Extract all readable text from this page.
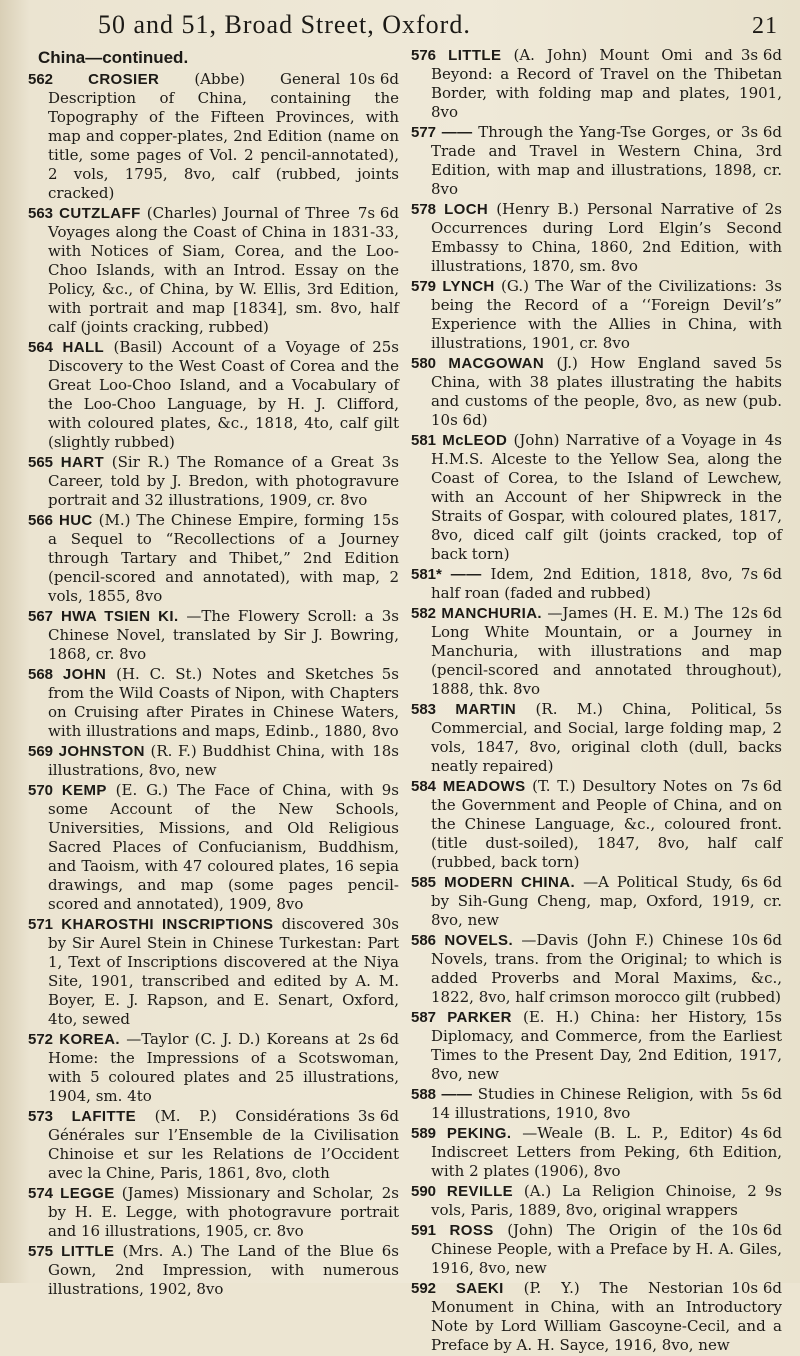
50 and 51, Broad Street, Oxford.	21
China—continued.
10s 6d
562 CROSIER (Abbe) General Description of China, containing the Topography of the Fifteen Provinces, with map and copper-plates, 2nd Edition (name on title, some pages of Vol. 2 pencil-annotated), 2 vols, 1795, 8vo, calf (rubbed, joints cracked)
7s 6d
563 CUTZLAFF (Charles) Journal of Three Voyages along the Coast of China in 1831-33, with Notices of Siam, Corea, and the Loo-Choo Islands, with an Introd. Essay on the Policy, &c., of China, by W. Ellis, 3rd Edition, with portrait and map [1834], sm. 8vo, half calf (joints cracking, rubbed)
25s
564 HALL (Basil) Account of a Voyage of Discovery to the West Coast of Corea and the Great Loo-Choo Island, and a Vocabulary of the Loo-Choo Language, by H. J. Clifford, with coloured plates, &c., 1818, 4to, calf gilt (slightly rubbed)
3s
565 HART (Sir R.) The Romance of a Great Career, told by J. Bredon, with photogravure portrait and 32 illustrations, 1909, cr. 8vo
15s
566 HUC (M.) The Chinese Empire, forming a Sequel to “Recollections of a Journey through Tartary and Thibet,” 2nd Edition (pencil-scored and annotated), with map, 2 vols, 1855, 8vo
3s
567 HWA TSIEN KI. —The Flowery Scroll: a Chinese Novel, translated by Sir J. Bowring, 1868, cr. 8vo
5s
568 JOHN (H. C. St.) Notes and Sketches from the Wild Coasts of Nipon, with Chapters on Cruising after Pirates in Chinese Waters, with illustrations and maps, Edinb., 1880, 8vo
18s
569 JOHNSTON (R. F.) Buddhist China, with illustrations, 8vo, new
9s
570 KEMP (E. G.) The Face of China, with some Account of the New Schools, Universities, Missions, and Old Religious Sacred Places of Confucianism, Buddhism, and Taoism, with 47 coloured plates, 16 sepia drawings, and map (some pages pencil-scored and annotated), 1909, 8vo
30s
571 KHAROSTHI INSCRIPTIONS discovered by Sir Aurel Stein in Chinese Turkestan: Part 1, Text of Inscriptions discovered at the Niya Site, 1901, transcribed and edited by A. M. Boyer, E. J. Rapson, and E. Senart, Oxford, 4to, sewed
2s 6d
572 KOREA. —Taylor (C. J. D.) Koreans at Home: the Impressions of a Scotswoman, with 5 coloured plates and 25 illustrations, 1904, sm. 4to
3s 6d
573 LAFITTE (M. P.) Considérations Générales sur l’Ensemble de la Civilisation Chinoise et sur les Relations de l’Occident avec la Chine, Paris, 1861, 8vo, cloth
2s
574 LEGGE (James) Missionary and Scholar, by H. E. Legge, with photogravure portrait and 16 illustrations, 1905, cr. 8vo
6s
575 LITTLE (Mrs. A.) The Land of the Blue Gown, 2nd Impression, with numerous illustrations, 1902, 8vo
3s 6d
576 LITTLE (A. John) Mount Omi and Beyond: a Record of Travel on the Thibetan Border, with folding map and plates, 1901, 8vo
3s 6d
577 —— Through the Yang-Tse Gorges, or Trade and Travel in Western China, 3rd Edition, with map and illustrations, 1898, cr. 8vo
2s
578 LOCH (Henry B.) Personal Narrative of Occurrences during Lord Elgin’s Second Embassy to China, 1860, 2nd Edition, with illustrations, 1870, sm. 8vo
3s
579 LYNCH (G.) The War of the Civilizations: being the Record of a ‘‘Foreign Devil’s” Experience with the Allies in China, with illustrations, 1901, cr. 8vo
5s
580 MACGOWAN (J.) How England saved China, with 38 plates illustrating the habits and customs of the people, 8vo, as new (pub. 10s 6d)
4s
581 McLEOD (John) Narrative of a Voyage in H.M.S. Alceste to the Yellow Sea, along the Coast of Corea, to the Island of Lewchew, with an Account of her Shipwreck in the Straits of Gospar, with coloured plates, 1817, 8vo, diced calf gilt (joints cracked, top of back torn)
7s 6d
581* —— Idem, 2nd Edition, 1818, 8vo, half roan (faded and rubbed)
12s 6d
582 MANCHURIA. —James (H. E. M.) The Long White Mountain, or a Journey in Manchuria, with illustrations and map (pencil-scored and annotated throughout), 1888, thk. 8vo
5s
583 MARTIN (R. M.) China, Political, Commercial, and Social, large folding map, 2 vols, 1847, 8vo, original cloth (dull, backs neatly repaired)
7s 6d
584 MEADOWS (T. T.) Desultory Notes on the Government and People of China, and on the Chinese Language, &c., coloured front. (title dust-soiled), 1847, 8vo, half calf (rubbed, back torn)
6s 6d
585 MODERN CHINA. —A Political Study, by Sih-Gung Cheng, map, Oxford, 1919, cr. 8vo, new
10s 6d
586 NOVELS. —Davis (John F.) Chinese Novels, trans. from the Original; to which is added Proverbs and Moral Maxims, &c., 1822, 8vo, half crimson morocco gilt (rubbed)
15s
587 PARKER (E. H.) China: her History, Diplomacy, and Commerce, from the Earliest Times to the Present Day, 2nd Edition, 1917, 8vo, new
5s 6d
588 —— Studies in Chinese Religion, with 14 illustrations, 1910, 8vo
4s 6d
589 PEKING. —Weale (B. L. P., Editor) Indiscreet Letters from Peking, 6th Edition, with 2 plates (1906), 8vo
9s
590 REVILLE (A.) La Religion Chinoise, 2 vols, Paris, 1889, 8vo, original wrappers
10s 6d
591 ROSS (John) The Origin of the Chinese People, with a Preface by H. A. Giles, 1916, 8vo, new
10s 6d
592 SAEKI (P. Y.) The Nestorian Monument in China, with an Introductory Note by Lord William Gascoyne-Cecil, and a Preface by A. H. Sayce, 1916, 8vo, new
